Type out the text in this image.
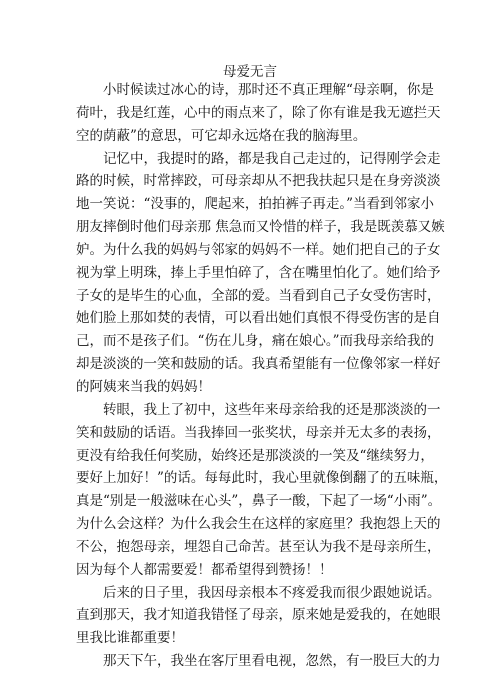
母爱无言
小时候读过冰心的诗，那时还不真正理解“母亲啊，你是
荷叶，我是红莲，心中的雨点来了，除了你有谁是我无遮拦天
空的荫蔽”的意思，可它却永远烙在我的脑海里。
记忆中，我提时的路，都是我自己走过的，记得刚学会走
路的时候，时常摔跤，可母亲却从不把我扶起只是在身旁淡淡
地一笑说：“没事的，爬起来，拍拍裤子再走。”当看到邻家小
朋友摔倒时他们母亲那 焦急而又怜惜的样子，我是既羡慕又嫉
妒。为什么我的妈妈与邻家的妈妈不一样。她们把自己的子女
视为掌上明珠，捧上手里怕碎了，含在嘴里怕化了。她们给予
子女的是毕生的心血，全部的爱。当看到自己子女受伤害时，
她们脸上那如焚的表情，可以看出她们真恨不得受伤害的是自
己，而不是孩子们。“伤在儿身，痛在娘心。”而我母亲给我的
却是淡淡的一笑和鼓励的话。我真希望能有一位像邻家一样好
的阿姨来当我的妈妈！
转眼，我上了初中，这些年来母亲给我的还是那淡淡的一
笑和鼓励的话语。当我捧回一张奖状，母亲并无太多的表扬，
更没有给我任何奖励，始终还是那淡淡的一笑及“继续努力，
要好上加好！”的话。每每此时，我心里就像倒翻了的五味瓶，
真是“别是一般滋味在心头”，鼻子一酸，下起了一场“小雨”。
为什么会这样？为什么我会生在这样的家庭里？我抱怨上天的
不公，抱怨母亲，埋怨自己命苦。甚至认为我不是母亲所生，
因为每个人都需要爱！都希望得到赞扬！！
后来的日子里，我因母亲根本不疼爱我而很少跟她说话。
直到那天，我才知道我错怪了母亲，原来她是爱我的，在她眼
里我比谁都重要！
那天下午，我坐在客厅里看电视，忽然，有一股巨大的力
